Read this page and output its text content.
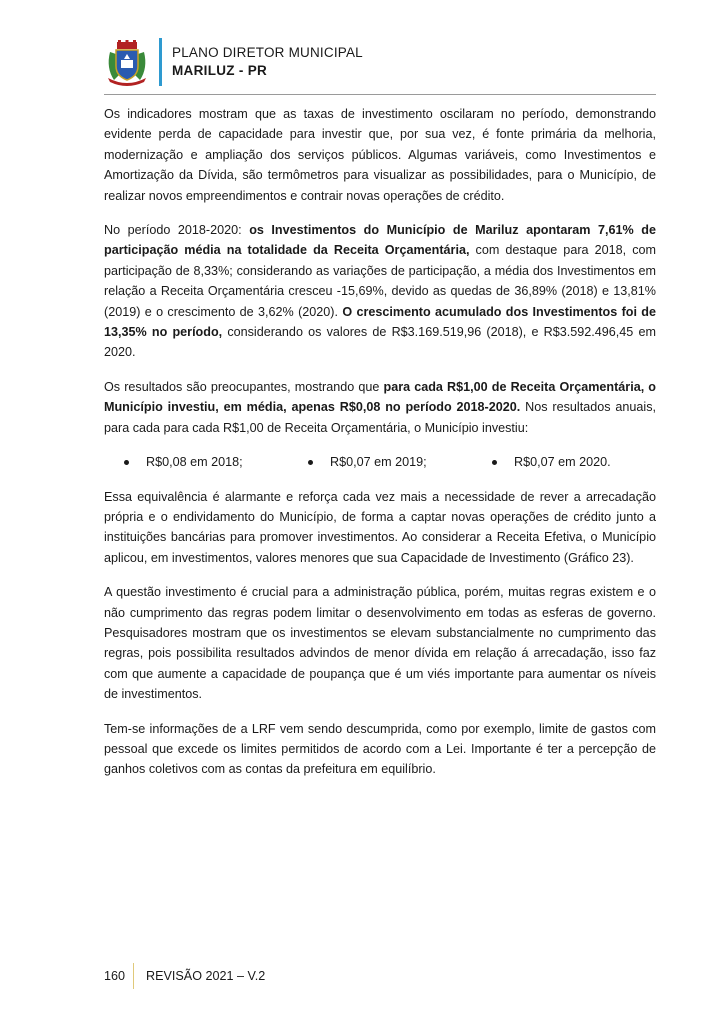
PLANO DIRETOR MUNICIPAL
MARILUZ - PR

Os indicadores mostram que as taxas de investimento oscilaram no período, demonstrando evidente perda de capacidade para investir que, por sua vez, é fonte primária da melhoria, modernização e ampliação dos serviços públicos. Algumas variáveis, como Investimentos e Amortização da Dívida, são termômetros para visualizar as possibilidades, para o Município, de realizar novos empreendimentos e contrair novas operações de crédito.

No período 2018-2020: os Investimentos do Município de Mariluz apontaram 7,61% de participação média na totalidade da Receita Orçamentária, com destaque para 2018, com participação de 8,33%; considerando as variações de participação, a média dos Investimentos em relação a Receita Orçamentária cresceu -15,69%, devido as quedas de 36,89% (2018) e 13,81% (2019) e o crescimento de 3,62% (2020). O crescimento acumulado dos Investimentos foi de 13,35% no período, considerando os valores de R$3.169.519,96 (2018), e R$3.592.496,45 em 2020.

Os resultados são preocupantes, mostrando que para cada R$1,00 de Receita Orçamentária, o Município investiu, em média, apenas R$0,08 no período 2018-2020. Nos resultados anuais, para cada para cada R$1,00 de Receita Orçamentária, o Município investiu:

R$0,08 em 2018;	R$0,07 em 2019;	R$0,07 em 2020.

Essa equivalência é alarmante e reforça cada vez mais a necessidade de rever a arrecadação própria e o endividamento do Município, de forma a captar novas operações de crédito junto a instituições bancárias para promover investimentos. Ao considerar a Receita Efetiva, o Município aplicou, em investimentos, valores menores que sua Capacidade de Investimento (Gráfico 23).

A questão investimento é crucial para a administração pública, porém, muitas regras existem e o não cumprimento das regras podem limitar o desenvolvimento em todas as esferas de governo. Pesquisadores mostram que os investimentos se elevam substancialmente no cumprimento das regras, pois possibilita resultados advindos de menor dívida em relação á arrecadação, isso faz com que aumente a capacidade de poupança que é um viés importante para aumentar os níveis de investimentos.

Tem-se informações de a LRF vem sendo descumprida, como por exemplo, limite de gastos com pessoal que excede os limites permitidos de acordo com a Lei. Importante é ter a percepção de ganhos coletivos com as contas da prefeitura em equilíbrio.

160 REVISÃO 2021 – V.2
